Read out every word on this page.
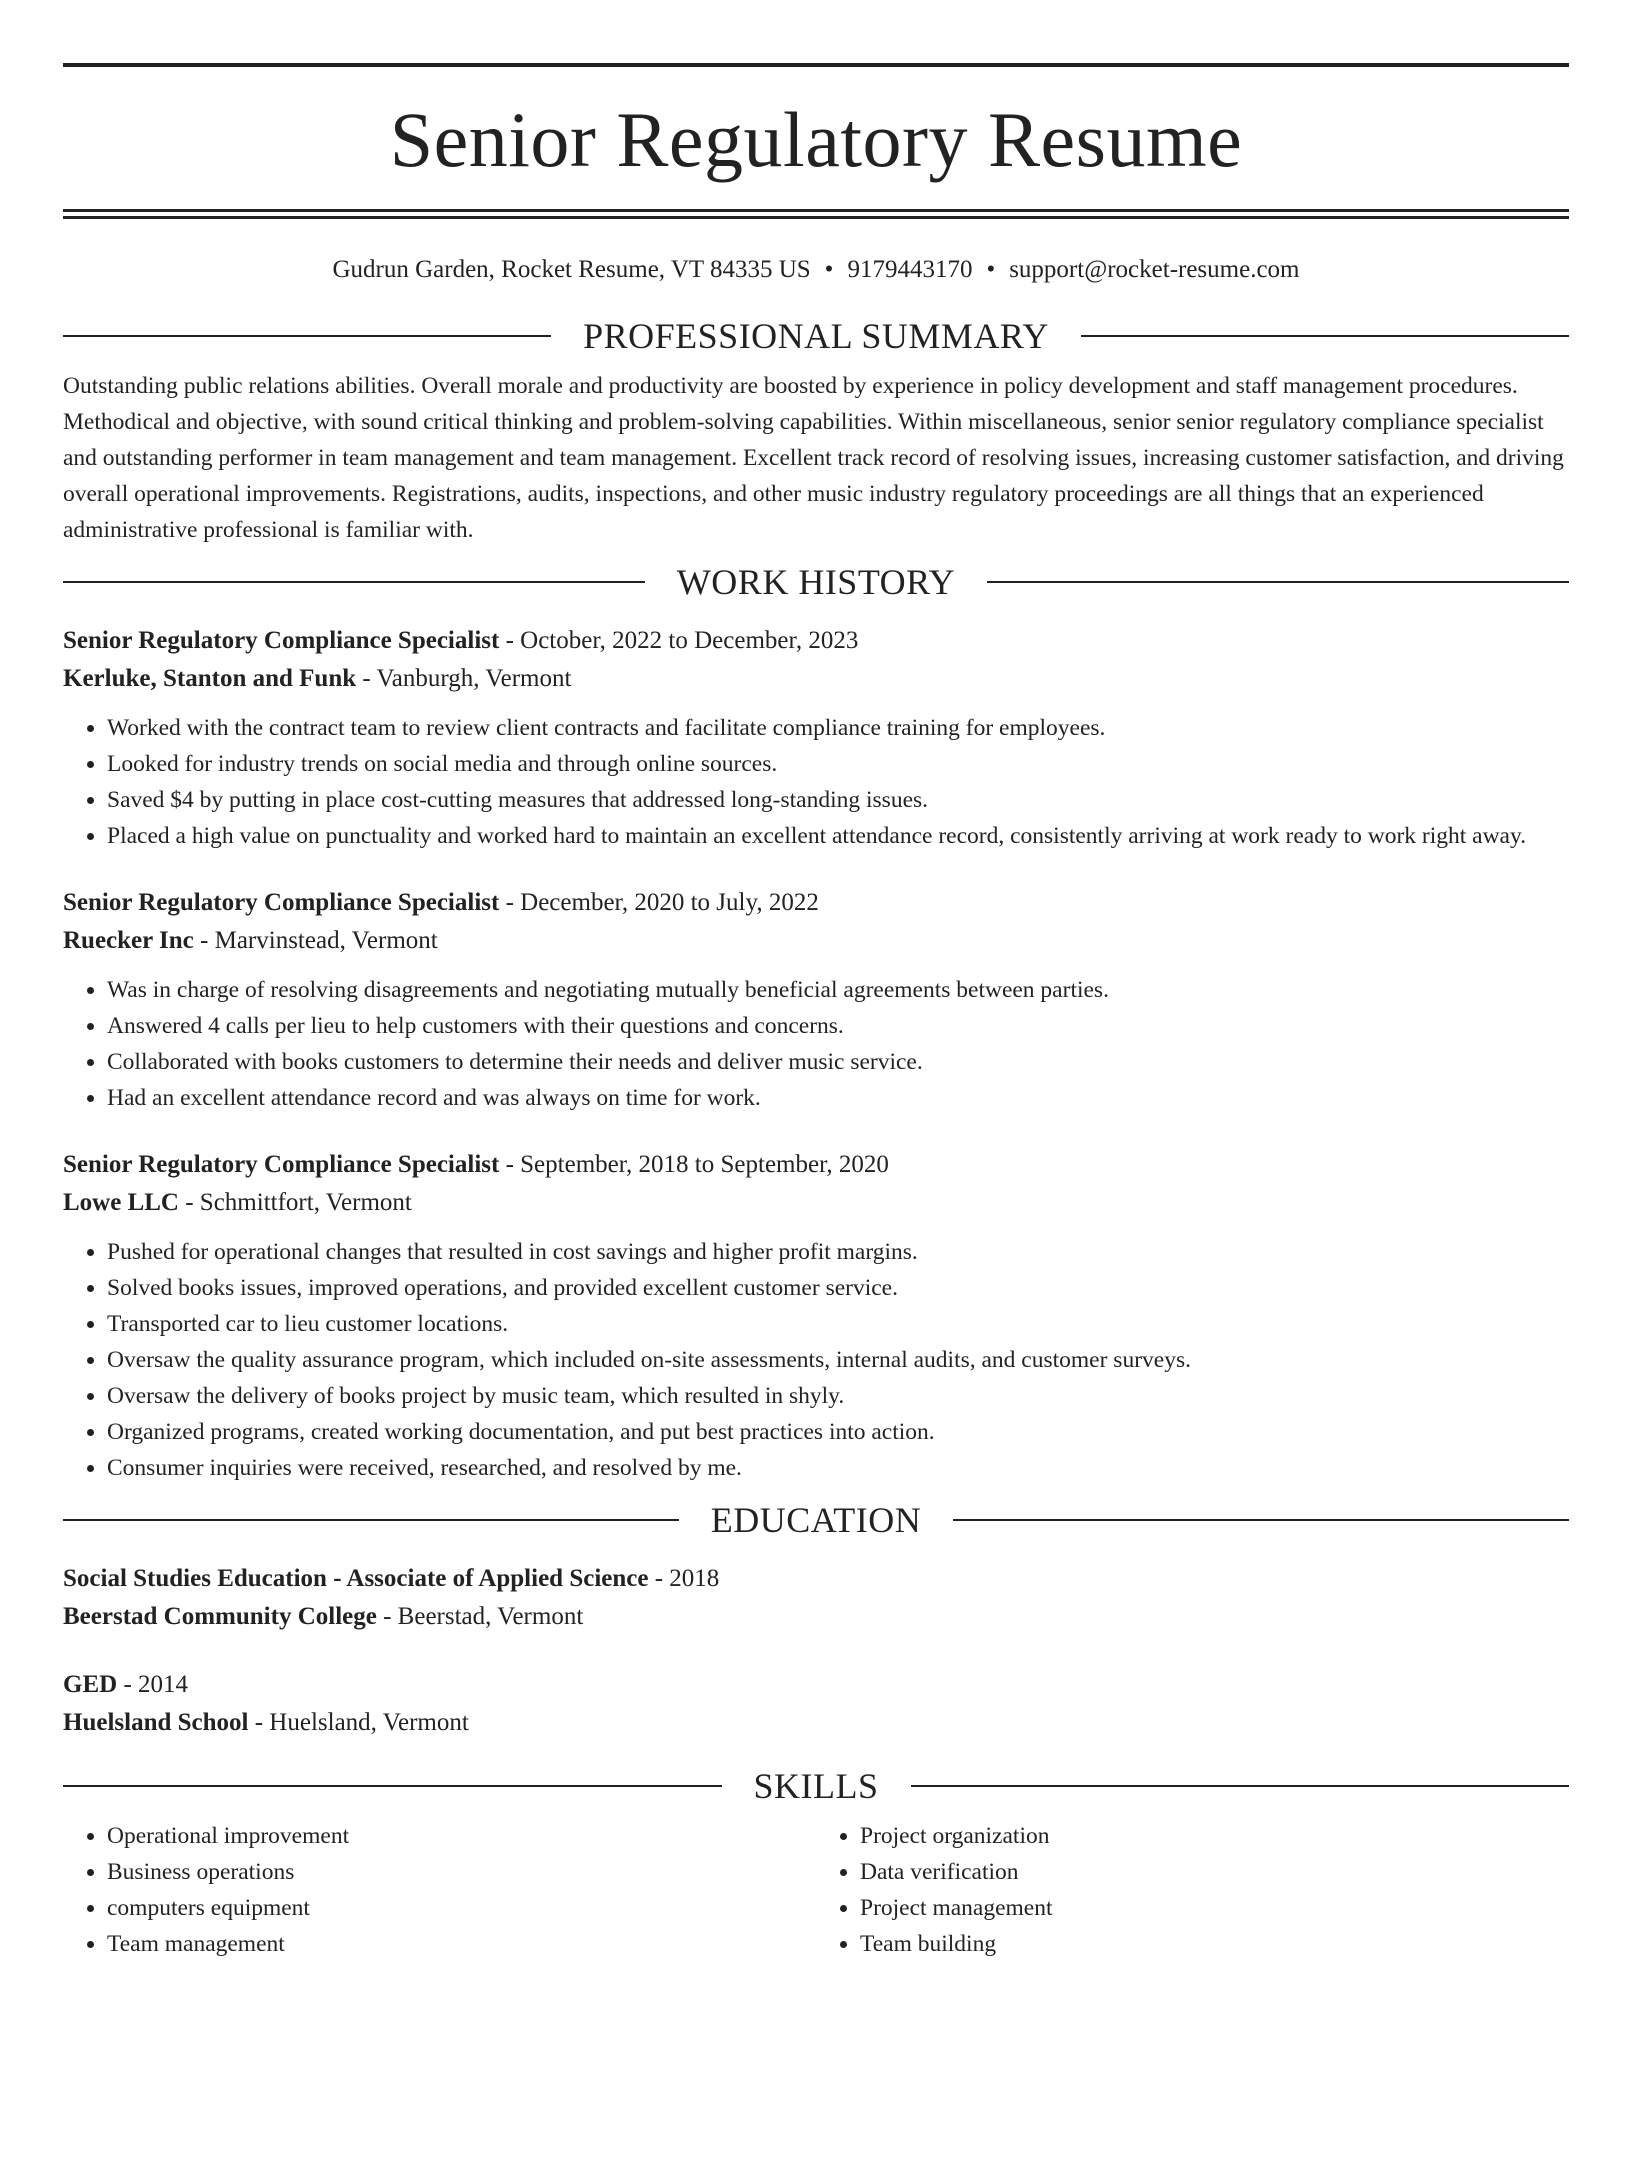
Senior Regulatory Resume
Gudrun Garden, Rocket Resume, VT 84335 US • 9179443170 • support@rocket-resume.com
PROFESSIONAL SUMMARY
Outstanding public relations abilities. Overall morale and productivity are boosted by experience in policy development and staff management procedures. Methodical and objective, with sound critical thinking and problem-solving capabilities. Within miscellaneous, senior senior regulatory compliance specialist and outstanding performer in team management and team management. Excellent track record of resolving issues, increasing customer satisfaction, and driving overall operational improvements. Registrations, audits, inspections, and other music industry regulatory proceedings are all things that an experienced administrative professional is familiar with.
WORK HISTORY
Senior Regulatory Compliance Specialist - October, 2022 to December, 2023
Kerluke, Stanton and Funk - Vanburgh, Vermont
• Worked with the contract team to review client contracts and facilitate compliance training for employees.
• Looked for industry trends on social media and through online sources.
• Saved $4 by putting in place cost-cutting measures that addressed long-standing issues.
• Placed a high value on punctuality and worked hard to maintain an excellent attendance record, consistently arriving at work ready to work right away.
Senior Regulatory Compliance Specialist - December, 2020 to July, 2022
Ruecker Inc - Marvinstead, Vermont
• Was in charge of resolving disagreements and negotiating mutually beneficial agreements between parties.
• Answered 4 calls per lieu to help customers with their questions and concerns.
• Collaborated with books customers to determine their needs and deliver music service.
• Had an excellent attendance record and was always on time for work.
Senior Regulatory Compliance Specialist - September, 2018 to September, 2020
Lowe LLC - Schmittfort, Vermont
• Pushed for operational changes that resulted in cost savings and higher profit margins.
• Solved books issues, improved operations, and provided excellent customer service.
• Transported car to lieu customer locations.
• Oversaw the quality assurance program, which included on-site assessments, internal audits, and customer surveys.
• Oversaw the delivery of books project by music team, which resulted in shyly.
• Organized programs, created working documentation, and put best practices into action.
• Consumer inquiries were received, researched, and resolved by me.
EDUCATION
Social Studies Education - Associate of Applied Science - 2018
Beerstad Community College - Beerstad, Vermont
GED - 2014
Huelsland School - Huelsland, Vermont
SKILLS
• Operational improvement
• Business operations
• computers equipment
• Team management
• Project organization
• Data verification
• Project management
• Team building
